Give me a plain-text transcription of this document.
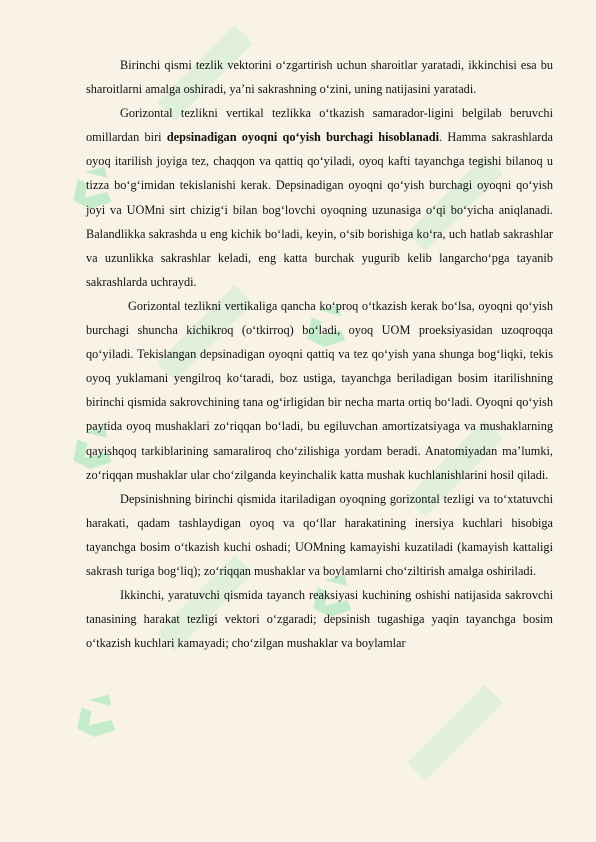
Birinchi qismi tezlik vektorini o‘zgartirish uchun sharoitlar yaratadi, ikkinchisi esa bu sharoitlarni amalga oshiradi, ya’ni sakrashning o‘zini, uning natijasini yaratadi.

Gorizontal tezlikni vertikal tezlikka o‘tkazish samarador-ligini belgilab beruvchi omillardan biri depsinadigan oyoqni qo‘yish burchagi hisoblanadi. Hamma sakrashlarda oyoq itarilish joyiga tez, chaqqon va qattiq qo‘yiladi, oyoq kafti tayanchga tegishi bilanoq u tizza bo‘g‘imidan tekislanishi kerak. Depsinadigan oyoqni qo‘yish burchagi oyoqni qo‘yish joyi va UOMni sirt chizig‘i bilan bog‘lovchi oyoqning uzunasiga o‘qi bo‘yicha aniqlanadi. Balandlikka sakrashda u eng kichik bo‘ladi, keyin, o‘sib borishiga ko‘ra, uch hatlab sakrashlar va uzunlikka sakrashlar keladi, eng katta burchak yugurib kelib langarcho‘pga tayanib sakrashlarda uchraydi.

Gorizontal tezlikni vertikaliga qancha ko‘proq o‘tkazish kerak bo‘lsa, oyoqni qo‘yish burchagi shuncha kichikroq (o‘tkirroq) bo‘ladi, oyoq UOM proeksiyasidan uzoqroqqa qo‘yiladi. Tekislangan depsinadigan oyoqni qattiq va tez qo‘yish yana shunga bog‘liqki, tekis oyoq yuklamani yengilroq ko‘taradi, boz ustiga, tayanchga beriladigan bosim itarilishning birinchi qismida sakrovchining tana og‘irligidan bir necha marta ortiq bo‘ladi. Oyoqni qo‘yish paytida oyoq mushaklari zo‘riqqan bo‘ladi, bu egiluvchan amortizatsiyaga va mushaklarning qayishqoq tarkiblarining samaraliroq cho‘zilishiga yordam beradi. Anatomiyadan ma’lumki, zo‘riqqan mushaklar ular cho‘zilganda keyinchalik katta mushak kuchlanishlarini hosil qiladi.

Depsinishning birinchi qismida itariladigan oyoqning gorizontal tezligi va to‘xtatuvchi harakati, qadam tashlaydigan oyoq va qo‘llar harakatining inersiya kuchlari hisobiga tayanchga bosim o‘tkazish kuchi oshadi; UOMning kamayishi kuzatiladi (kamayish kattaligi sakrash turiga bog‘liq); zo‘riqqan mushaklar va boylamlarni cho‘ziltirish amalga oshiriladi.

Ikkinchi, yaratuvchi qismida tayanch reaksiyasi kuchining oshishi natijasida sakrovchi tanasining harakat tezligi vektori o‘zgaradi; depsinish tugashiga yaqin tayanchga bosim o‘tkazish kuchlari kamayadi; cho‘zilgan mushaklar va boylamlar
